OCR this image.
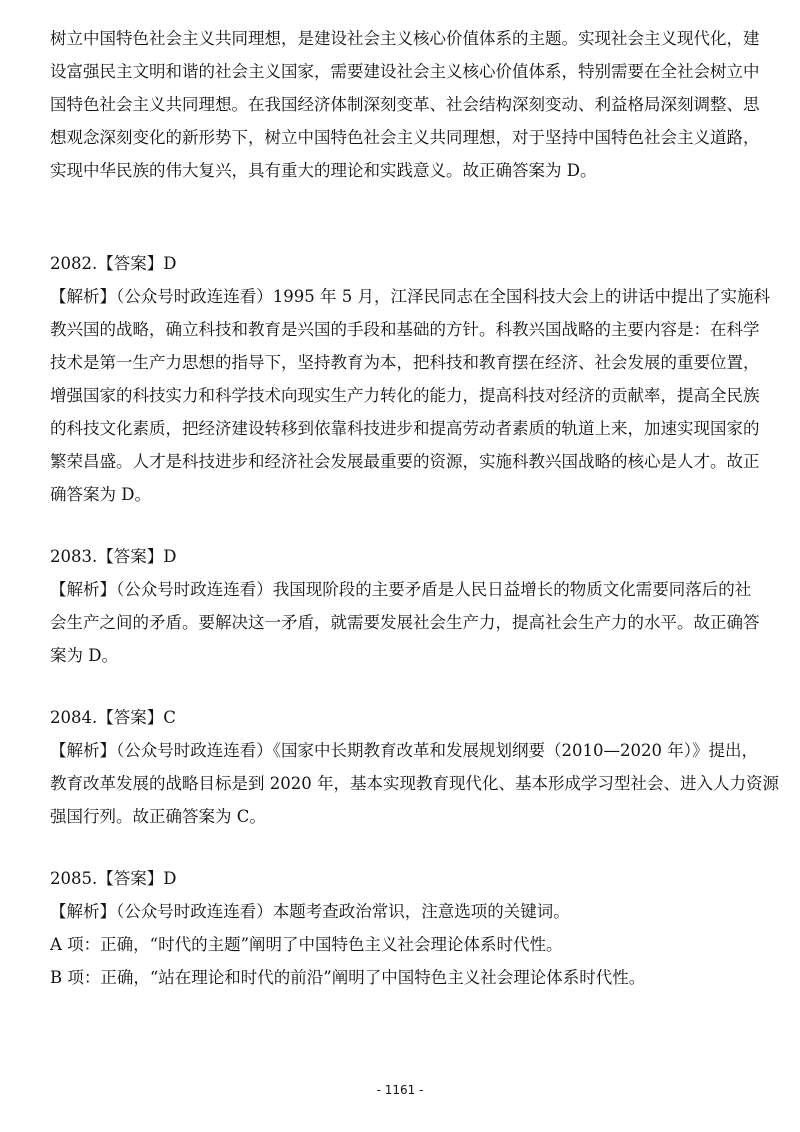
树立中国特色社会主义共同理想，是建设社会主义核心价值体系的主题。实现社会主义现代化，建
设富强民主文明和谐的社会主义国家，需要建设社会主义核心价值体系，特别需要在全社会树立中
国特色社会主义共同理想。在我国经济体制深刻变革、社会结构深刻变动、利益格局深刻调整、思
想观念深刻变化的新形势下，树立中国特色社会主义共同理想，对于坚持中国特色社会主义道路，
实现中华民族的伟大复兴，具有重大的理论和实践意义。故正确答案为 D。
2082.【答案】D
【解析】（公众号时政连连看）1995 年 5 月，江泽民同志在全国科技大会上的讲话中提出了实施科
教兴国的战略，确立科技和教育是兴国的手段和基础的方针。科教兴国战略的主要内容是：在科学
技术是第一生产力思想的指导下，坚持教育为本，把科技和教育摆在经济、社会发展的重要位置，
增强国家的科技实力和科学技术向现实生产力转化的能力，提高科技对经济的贡献率，提高全民族
的科技文化素质，把经济建设转移到依靠科技进步和提高劳动者素质的轨道上来，加速实现国家的
繁荣昌盛。人才是科技进步和经济社会发展最重要的资源，实施科教兴国战略的核心是人才。故正
确答案为 D。
2083.【答案】D
【解析】（公众号时政连连看）我国现阶段的主要矛盾是人民日益增长的物质文化需要同落后的社
会生产之间的矛盾。要解决这一矛盾，就需要发展社会生产力，提高社会生产力的水平。故正确答
案为 D。
2084.【答案】C
【解析】（公众号时政连连看）《国家中长期教育改革和发展规划纲要（2010—2020 年）》提出，
教育改革发展的战略目标是到 2020 年，基本实现教育现代化、基本形成学习型社会、进入人力资源
强国行列。故正确答案为 C。
2085.【答案】D
【解析】（公众号时政连连看）本题考查政治常识，注意选项的关键词。
A 项：正确，“时代的主题”阐明了中国特色主义社会理论体系时代性。
B 项：正确，“站在理论和时代的前沿”阐明了中国特色主义社会理论体系时代性。
- 1161 -
